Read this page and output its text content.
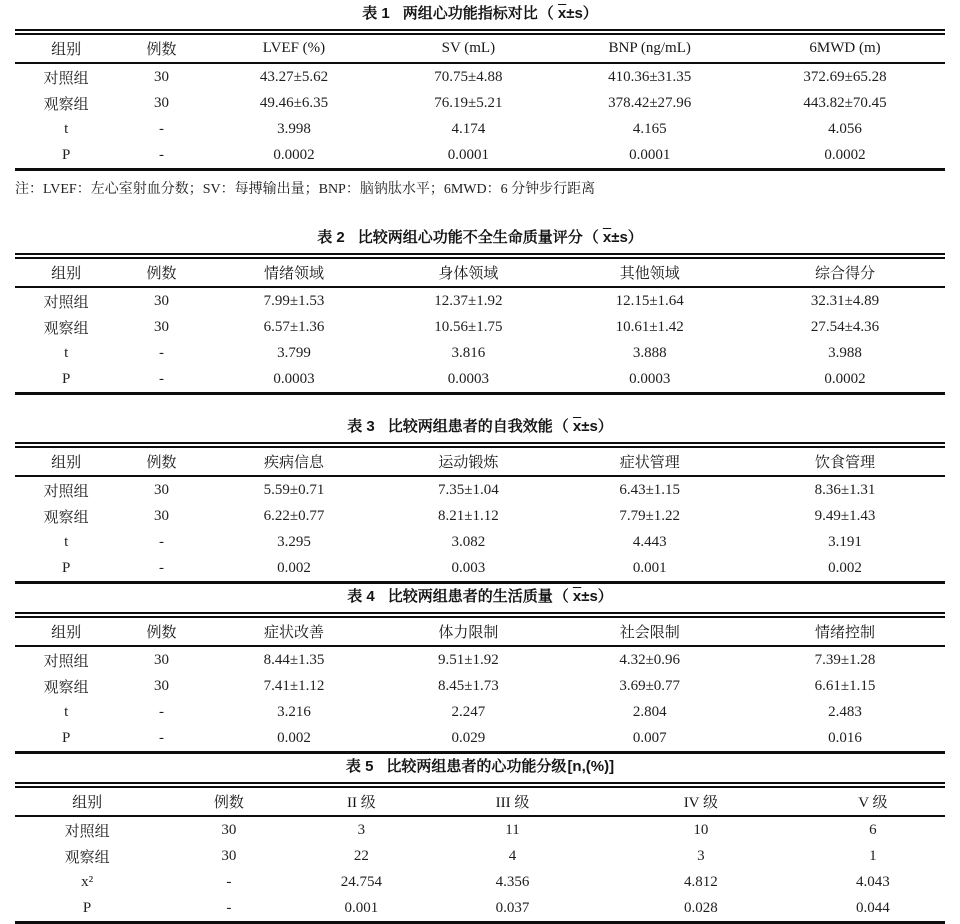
表 1 两组心功能指标对比（ x±s）
组别	例数	LVEF (%)	SV (mL)	BNP (ng/mL)	6MWD (m)
对照组	30	43.27±5.62	70.75±4.88	410.36±31.35	372.69±65.28
观察组	30	49.46±6.35	76.19±5.21	378.42±27.96	443.82±70.45
t	-	3.998	4.174	4.165	4.056
P	-	0.0002	0.0001	0.0001	0.0002

注：LVEF：左心室射血分数；SV：每搏输出量；BNP：脑钠肽水平；6MWD：6 分钟步行距离

表 2 比较两组心功能不全生命质量评分（ x±s）
组别	例数	情绪领域	身体领域	其他领域	综合得分
对照组	30	7.99±1.53	12.37±1.92	12.15±1.64	32.31±4.89
观察组	30	6.57±1.36	10.56±1.75	10.61±1.42	27.54±4.36
t	-	3.799	3.816	3.888	3.988
P	-	0.0003	0.0003	0.0003	0.0002
表 3 比较两组患者的自我效能（ x±s）
组别	例数	疾病信息	运动锻炼	症状管理	饮食管理
对照组	30	5.59±0.71	7.35±1.04	6.43±1.15	8.36±1.31
观察组	30	6.22±0.77	8.21±1.12	7.79±1.22	9.49±1.43
t	-	3.295	3.082	4.443	3.191
P	-	0.002	0.003	0.001	0.002
表 4 比较两组患者的生活质量（ x±s）
组别	例数	症状改善	体力限制	社会限制	情绪控制
对照组	30	8.44±1.35	9.51±1.92	4.32±0.96	7.39±1.28
观察组	30	7.41±1.12	8.45±1.73	3.69±0.77	6.61±1.15
t	-	3.216	2.247	2.804	2.483
P	-	0.002	0.029	0.007	0.016
表 5 比较两组患者的心功能分级[n,(%)]
组别	例数	II 级	III 级	IV 级	V 级
对照组	30	3	11	10	6
观察组	30	22	4	3	1
x²	-	24.754	4.356	4.812	4.043
P	-	0.001	0.037	0.028	0.044
